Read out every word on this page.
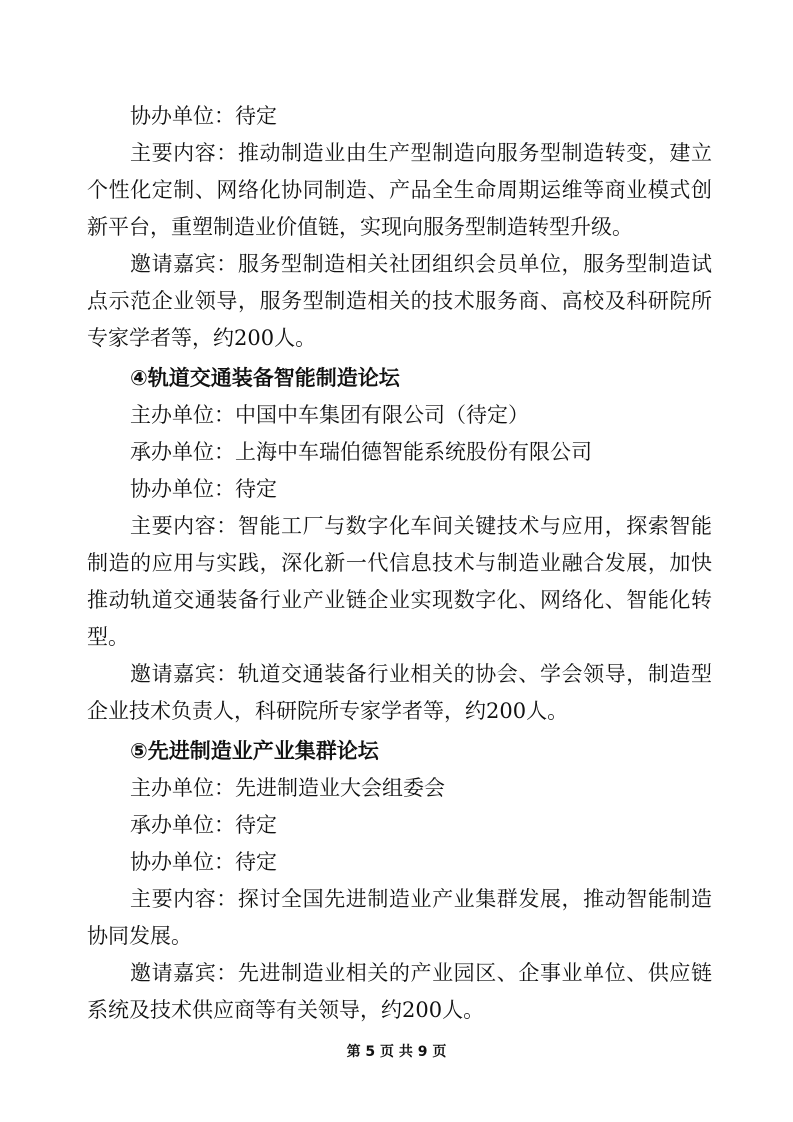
协办单位：待定

主要内容：推动制造业由生产型制造向服务型制造转变，建立个性化定制、网络化协同制造、产品全生命周期运维等商业模式创新平台，重塑制造业价值链，实现向服务型制造转型升级。

邀请嘉宾：服务型制造相关社团组织会员单位，服务型制造试点示范企业领导，服务型制造相关的技术服务商、高校及科研院所专家学者等，约200人。

④轨道交通装备智能制造论坛

主办单位：中国中车集团有限公司（待定）

承办单位：上海中车瑞伯德智能系统股份有限公司

协办单位：待定

主要内容：智能工厂与数字化车间关键技术与应用，探索智能制造的应用与实践，深化新一代信息技术与制造业融合发展，加快推动轨道交通装备行业产业链企业实现数字化、网络化、智能化转型。

邀请嘉宾：轨道交通装备行业相关的协会、学会领导，制造型企业技术负责人，科研院所专家学者等，约200人。

⑤先进制造业产业集群论坛

主办单位：先进制造业大会组委会

承办单位：待定

协办单位：待定

主要内容：探讨全国先进制造业产业集群发展，推动智能制造协同发展。

邀请嘉宾：先进制造业相关的产业园区、企事业单位、供应链系统及技术供应商等有关领导，约200人。

第 5 页 共 9 页
